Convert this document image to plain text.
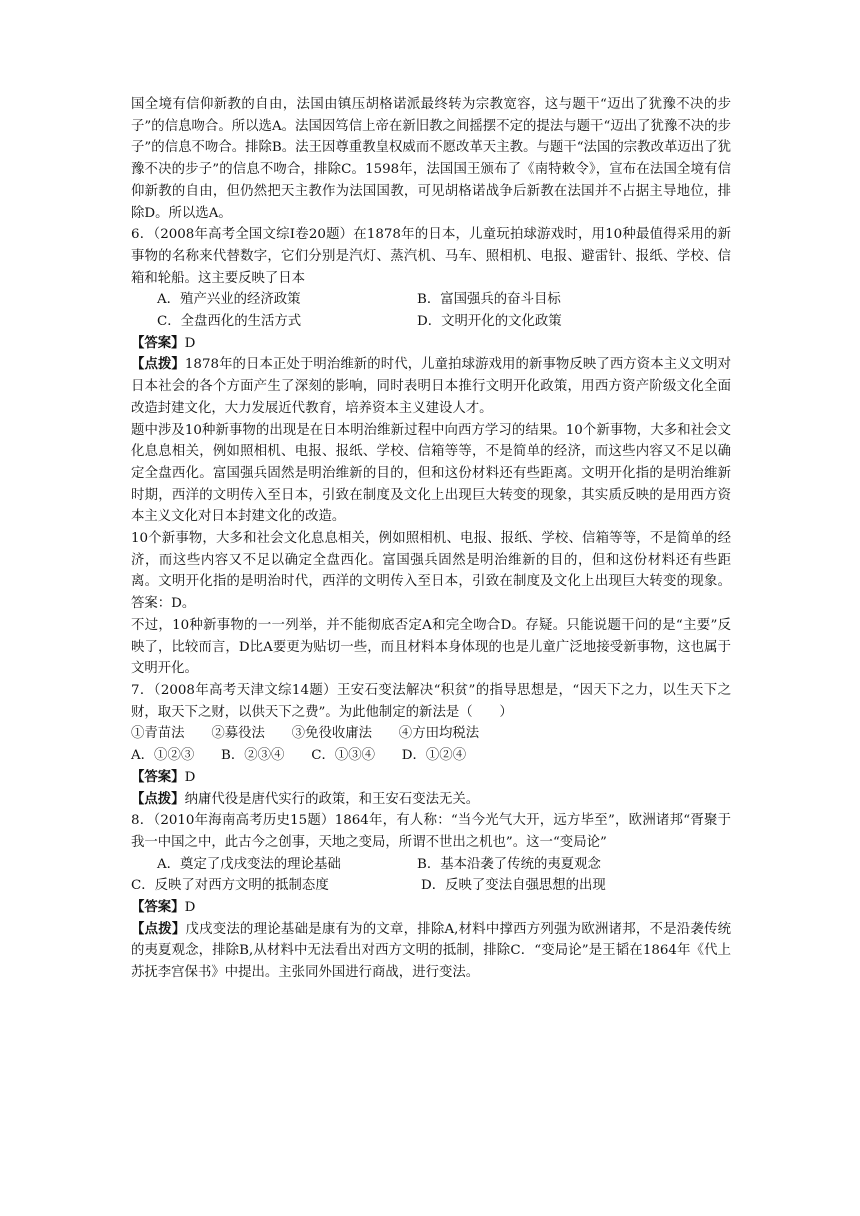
国全境有信仰新教的自由，法国由镇压胡格诺派最终转为宗教宽容，这与题干“迈出了犹豫不决的步子”的信息吻合。所以选A。法国因笃信上帝在新旧教之间摇摆不定的提法与题干“迈出了犹豫不决的步子”的信息不吻合。排除B。法王因尊重教皇权威而不愿改革天主教。与题干“法国的宗教改革迈出了犹豫不决的步子”的信息不吻合，排除C。1598年，法国国王颁布了《南特敕令》，宣布在法国全境有信仰新教的自由，但仍然把天主教作为法国国教，可见胡格诺战争后新教在法国并不占据主导地位，排除D。所以选A。

6．（2008年高考全国文综Ⅰ卷20题）在1878年的日本，儿童玩拍球游戏时，用10种最值得采用的新事物的名称来代替数字，它们分别是汽灯、蒸汽机、马车、照相机、电报、避雷针、报纸、学校、信箱和轮船。这主要反映了日本

A．殖产兴业的经济政策	B．富国强兵的奋斗目标
C．全盘西化的生活方式	D．文明开化的文化政策

【答案】D

【点拨】1878年的日本正处于明治维新的时代，儿童拍球游戏用的新事物反映了西方资本主义文明对日本社会的各个方面产生了深刻的影响，同时表明日本推行文明开化政策，用西方资产阶级文化全面改造封建文化，大力发展近代教育，培养资本主义建设人才。

题中涉及10种新事物的出现是在日本明治维新过程中向西方学习的结果。10个新事物，大多和社会文化息息相关，例如照相机、电报、报纸、学校、信箱等等，不是简单的经济，而这些内容又不足以确定全盘西化。富国强兵固然是明治维新的目的，但和这份材料还有些距离。文明开化指的是明治维新时期，西洋的文明传入至日本，引致在制度及文化上出现巨大转变的现象，其实质反映的是用西方资本主义文化对日本封建文化的改造。

10个新事物，大多和社会文化息息相关，例如照相机、电报、报纸、学校、信箱等等，不是简单的经济，而这些内容又不足以确定全盘西化。富国强兵固然是明治维新的目的，但和这份材料还有些距离。文明开化指的是明治时代，西洋的文明传入至日本，引致在制度及文化上出现巨大转变的现象。答案：D。

不过，10种新事物的一一列举，并不能彻底否定A和完全吻合D。存疑。只能说题干问的是“主要”反映了，比较而言，D比A要更为贴切一些，而且材料本身体现的也是儿童广泛地接受新事物，这也属于文明开化。

7．（2008年高考天津文综14题）王安石变法解决“积贫”的指导思想是，“因天下之力，以生天下之财，取天下之财，以供天下之费”。为此他制定的新法是（　　）

①青苗法　　②募役法　　③免役收庸法　　④方田均税法

A．①②③　　B．②③④　　C．①③④　　D．①②④

【答案】D

【点拨】纳庸代役是唐代实行的政策，和王安石变法无关。

8．（2010年海南高考历史15题）1864年，有人称：“当今光气大开，远方毕至”，欧洲诸邦“胥聚于我一中国之中，此古今之创事，天地之变局，所谓不世出之机也”。这一“变局论”

A．奠定了戊戌变法的理论基础	B．基本沿袭了传统的夷夏观念
C．反映了对西方文明的抵制态度	D．反映了变法自强思想的出现

【答案】D

【点拨】戊戌变法的理论基础是康有为的文章，排除A,材料中撑西方列强为欧洲诸邦，不是沿袭传统的夷夏观念，排除B,从材料中无法看出对西方文明的抵制，排除C．“变局论”是王韬在1864年《代上苏抚李宫保书》中提出。主张同外国进行商战，进行变法。
